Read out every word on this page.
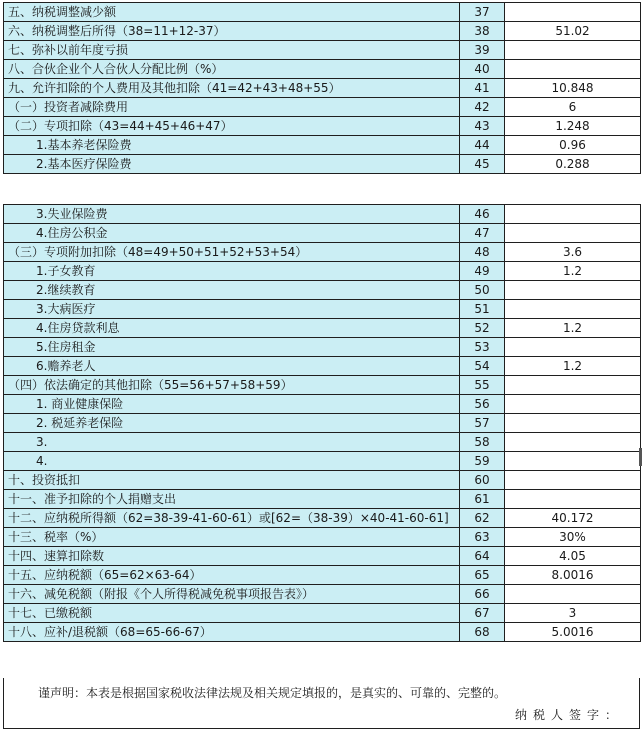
五、纳税调整减少额	37	
六、纳税调整后所得（38=11+12-37）	38	51.02
七、弥补以前年度亏损	39	
八、合伙企业个人合伙人分配比例（%）	40	
九、允许扣除的个人费用及其他扣除（41=42+43+48+55）	41	10.848
（一）投资者减除费用	42	6
（二）专项扣除（43=44+45+46+47）	43	1.248
1.基本养老保险费	44	0.96
2.基本医疗保险费	45	0.288
3.失业保险费	46	
4.住房公积金	47	
（三）专项附加扣除（48=49+50+51+52+53+54）	48	3.6
1.子女教育	49	1.2
2.继续教育	50	
3.大病医疗	51	
4.住房贷款利息	52	1.2
5.住房租金	53	
6.赡养老人	54	1.2
（四）依法确定的其他扣除（55=56+57+58+59）	55	
1. 商业健康保险	56	
2. 税延养老保险	57	
3.	58	
4.	59	
十、投资抵扣	60	
十一、准予扣除的个人捐赠支出	61	
十二、应纳税所得额（62=38-39-41-60-61）或[62=（38-39）×40-41-60-61]	62	40.172
十三、税率（%）	63	30%
十四、速算扣除数	64	4.05
十五、应纳税额（65=62×63-64）	65	8.0016
十六、减免税额（附报《个人所得税减免税事项报告表》）	66	
十七、已缴税额	67	3
十八、应补/退税额（68=65-66-67）	68	5.0016
谨声明：本表是根据国家税收法律法规及相关规定填报的，是真实的、可靠的、完整的。
纳税人签字：
